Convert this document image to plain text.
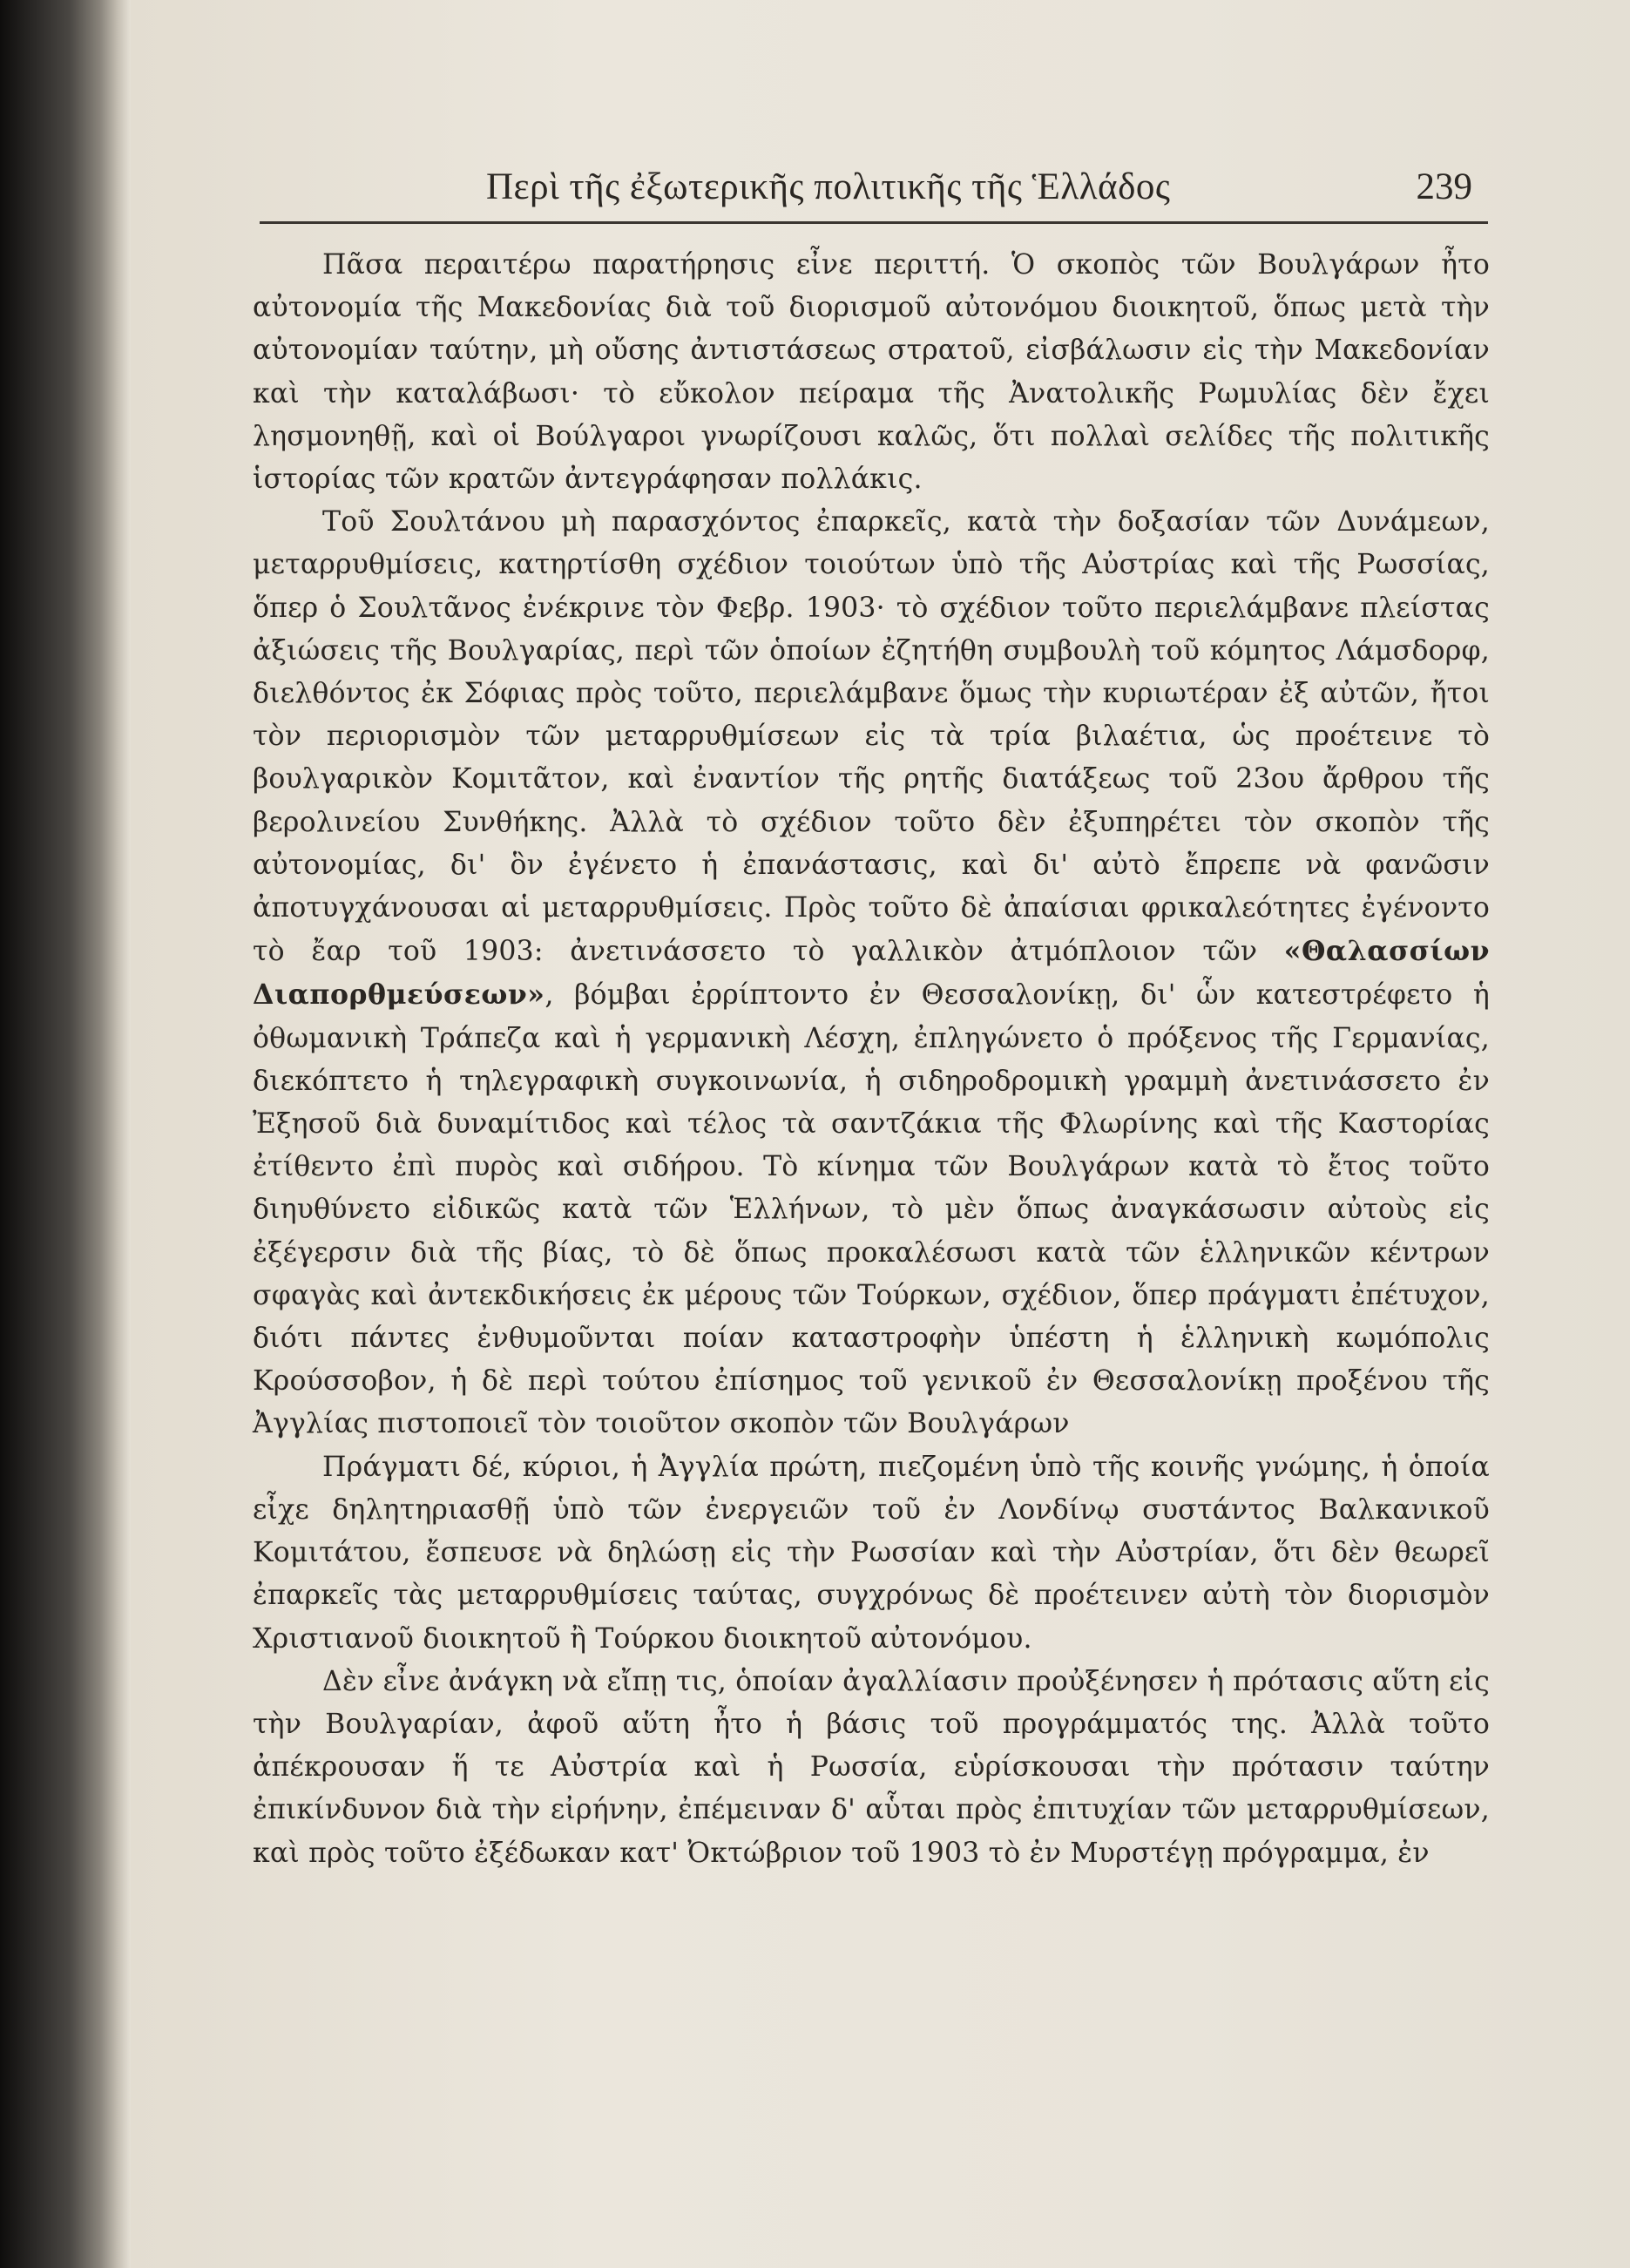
Περὶ τῆς ἐξωτερικῆς πολιτικῆς τῆς Ἑλλάδος	239

Πᾶσα περαιτέρω παρατήρησις εἶνε περιττή. Ὁ σκοπὸς τῶν Βουλγάρων ἦτο αὐτονομία τῆς Μακεδονίας διὰ τοῦ διορισμοῦ αὐτονόμου διοικητοῦ, ὅπως μετὰ τὴν αὐτονομίαν ταύτην, μὴ οὔσης ἀντιστάσεως στρατοῦ, εἰσβάλωσιν εἰς τὴν Μακεδονίαν καὶ τὴν καταλάβωσι· τὸ εὔκολον πείραμα τῆς Ἀνατολικῆς Ρωμυλίας δὲν ἔχει λησμονηθῇ, καὶ οἱ Βούλγαροι γνωρίζουσι καλῶς, ὅτι πολλαὶ σελίδες τῆς πολιτικῆς ἱστορίας τῶν κρατῶν ἀντεγράφησαν πολλάκις.

Τοῦ Σουλτάνου μὴ παρασχόντος ἐπαρκεῖς, κατὰ τὴν δοξασίαν τῶν Δυνάμεων, μεταρρυθμίσεις, κατηρτίσθη σχέδιον τοιούτων ὑπὸ τῆς Αὐστρίας καὶ τῆς Ρωσσίας, ὅπερ ὁ Σουλτᾶνος ἐνέκρινε τὸν Φεβρ. 1903· τὸ σχέδιον τοῦτο περιελάμβανε πλείστας ἀξιώσεις τῆς Βουλγαρίας, περὶ τῶν ὁποίων ἐζητήθη συμβουλὴ τοῦ κόμητος Λάμσδορφ, διελθόντος ἐκ Σόφιας πρὸς τοῦτο, περιελάμβανε ὅμως τὴν κυριωτέραν ἐξ αὐτῶν, ἤτοι τὸν περιορισμὸν τῶν μεταρρυθμίσεων εἰς τὰ τρία βιλαέτια, ὡς προέτεινε τὸ βουλγαρικὸν Κομιτᾶτον, καὶ ἐναντίον τῆς ρητῆς διατάξεως τοῦ 23ου ἄρθρου τῆς βερολινείου Συνθήκης. Ἀλλὰ τὸ σχέδιον τοῦτο δὲν ἐξυπηρέτει τὸν σκοπὸν τῆς αὐτονομίας, δι' ὃν ἐγένετο ἡ ἐπανάστασις, καὶ δι' αὐτὸ ἔπρεπε νὰ φανῶσιν ἀποτυγχάνουσαι αἱ μεταρρυθμίσεις. Πρὸς τοῦτο δὲ ἀπαίσιαι φρικαλεότητες ἐγένοντο τὸ ἔαρ τοῦ 1903: ἀνετινάσσετο τὸ γαλλικὸν ἀτμόπλοιον τῶν «Θαλασσίων Διαπορθμεύσεων», βόμβαι ἐρρίπτοντο ἐν Θεσσαλονίκῃ, δι' ὧν κατεστρέφετο ἡ ὀθωμανικὴ Τράπεζα καὶ ἡ γερμανικὴ Λέσχη, ἐπληγώνετο ὁ πρόξενος τῆς Γερμανίας, διεκόπτετο ἡ τηλεγραφικὴ συγκοινωνία, ἡ σιδηροδρομικὴ γραμμὴ ἀνετινάσσετο ἐν Ἐξησοῦ διὰ δυναμίτιδος καὶ τέλος τὰ σαντζάκια τῆς Φλωρίνης καὶ τῆς Καστορίας ἐτίθεντο ἐπὶ πυρὸς καὶ σιδήρου. Τὸ κίνημα τῶν Βουλγάρων κατὰ τὸ ἔτος τοῦτο διηυθύνετο εἰδικῶς κατὰ τῶν Ἑλλήνων, τὸ μὲν ὅπως ἀναγκάσωσιν αὐτοὺς εἰς ἐξέγερσιν διὰ τῆς βίας, τὸ δὲ ὅπως προκαλέσωσι κατὰ τῶν ἑλληνικῶν κέντρων σφαγὰς καὶ ἀντεκδικήσεις ἐκ μέρους τῶν Τούρκων, σχέδιον, ὅπερ πράγματι ἐπέτυχον, διότι πάντες ἐνθυμοῦνται ποίαν καταστροφὴν ὑπέστη ἡ ἑλληνικὴ κωμόπολις Κρούσσοβον, ἡ δὲ περὶ τούτου ἐπίσημος τοῦ γενικοῦ ἐν Θεσσαλονίκῃ προξένου τῆς Ἀγγλίας πιστοποιεῖ τὸν τοιοῦτον σκοπὸν τῶν Βουλγάρων

Πράγματι δέ, κύριοι, ἡ Ἀγγλία πρώτη, πιεζομένη ὑπὸ τῆς κοινῆς γνώμης, ἡ ὁποία εἶχε δηλητηριασθῇ ὑπὸ τῶν ἐνεργειῶν τοῦ ἐν Λονδίνῳ συστάντος Βαλκανικοῦ Κομιτάτου, ἔσπευσε νὰ δηλώσῃ εἰς τὴν Ρωσσίαν καὶ τὴν Αὐστρίαν, ὅτι δὲν θεωρεῖ ἐπαρκεῖς τὰς μεταρρυθμίσεις ταύτας, συγχρόνως δὲ προέτεινεν αὐτὴ τὸν διορισμὸν Χριστιανοῦ διοικητοῦ ἢ Τούρκου διοικητοῦ αὐτονόμου.

Δὲν εἶνε ἀνάγκη νὰ εἴπῃ τις, ὁποίαν ἀγαλλίασιν προὐξένησεν ἡ πρότασις αὕτη εἰς τὴν Βουλγαρίαν, ἀφοῦ αὕτη ἦτο ἡ βάσις τοῦ προγράμματός της. Ἀλλὰ τοῦτο ἀπέκρουσαν ἥ τε Αὐστρία καὶ ἡ Ρωσσία, εὑρίσκουσαι τὴν πρότασιν ταύτην ἐπικίνδυνον διὰ τὴν εἰρήνην, ἐπέμειναν δ' αὗται πρὸς ἐπιτυχίαν τῶν μεταρρυθμίσεων, καὶ πρὸς τοῦτο ἐξέδωκαν κατ' Ὀκτώβριον τοῦ 1903 τὸ ἐν Μυρστέγῃ πρόγραμμα, ἐν
